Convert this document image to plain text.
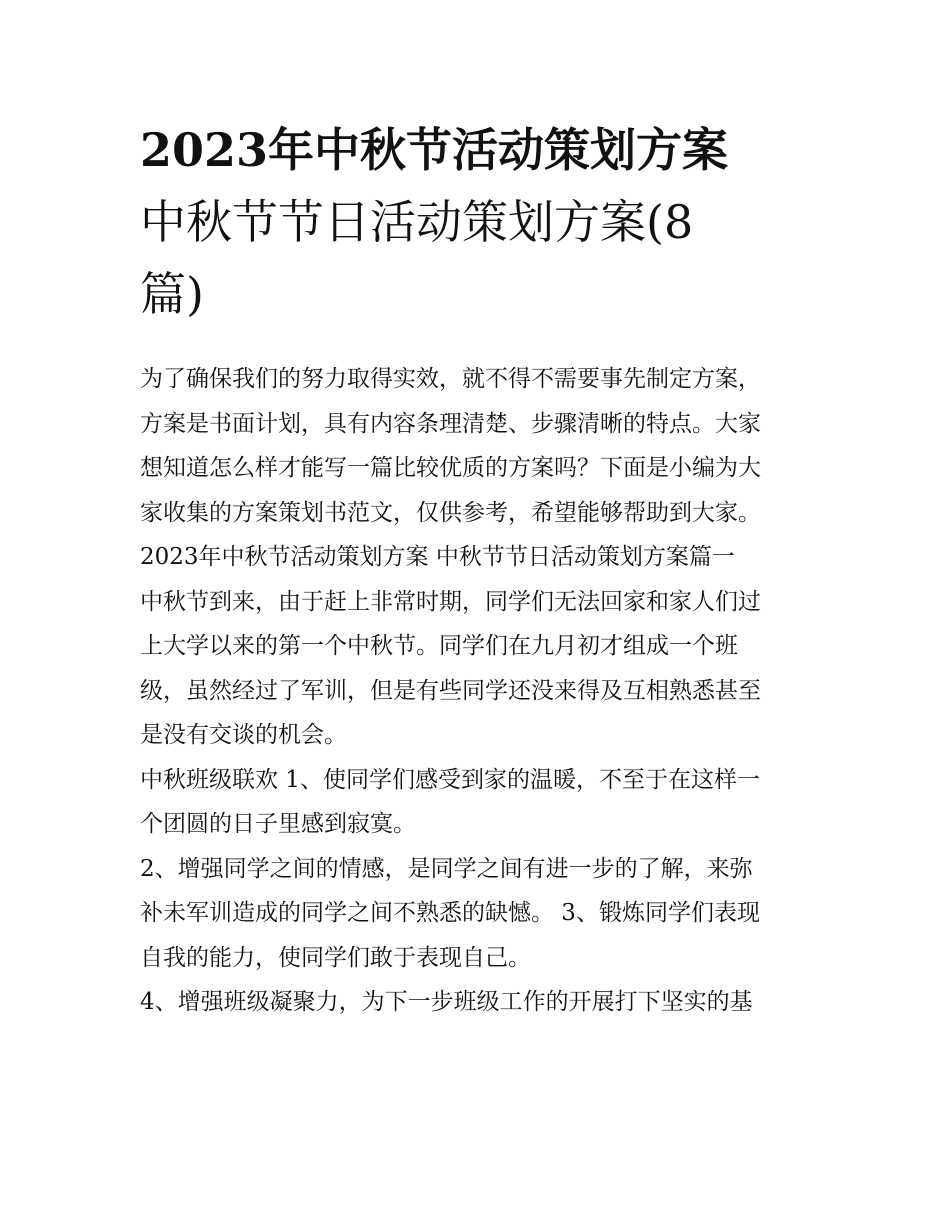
2023年中秋节活动策划方案
中秋节节日活动策划方案(8
篇)
为了确保我们的努力取得实效，就不得不需要事先制定方案，
方案是书面计划，具有内容条理清楚、步骤清晰的特点。大家
想知道怎么样才能写一篇比较优质的方案吗？下面是小编为大
家收集的方案策划书范文，仅供参考，希望能够帮助到大家。
2023年中秋节活动策划方案 中秋节节日活动策划方案篇一
中秋节到来，由于赶上非常时期，同学们无法回家和家人们过
上大学以来的第一个中秋节。同学们在九月初才组成一个班
级，虽然经过了军训，但是有些同学还没来得及互相熟悉甚至
是没有交谈的机会。
中秋班级联欢 1、使同学们感受到家的温暖，不至于在这样一
个团圆的日子里感到寂寞。
2、增强同学之间的情感，是同学之间有进一步的了解，来弥
补未军训造成的同学之间不熟悉的缺憾。 3、锻炼同学们表现
自我的能力，使同学们敢于表现自己。
4、增强班级凝聚力，为下一步班级工作的开展打下坚实的基
